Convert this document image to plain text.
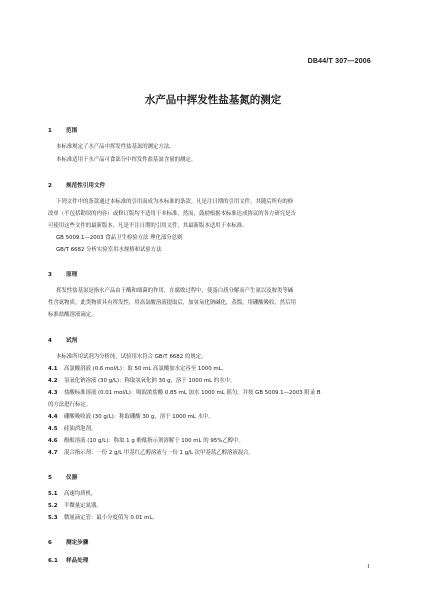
DB44/T 307—2006
水产品中挥发性盐基氮的测定
1	范围
本标准规定了水产品中挥发性盐基氮的测定方法。
本标准适用于水产品可食部分中挥发性盐基氮含量的测定。
2	规范性引用文件
下列文件中的条款通过本标准的引用而成为本标准的条款。凡是注日期的引用文件，其随后所有的修
改单（不包括勘误的内容）或修订版均不适用于本标准，然而，鼓励根据本标准达成协议的各方研究是否
可使用这些文件的最新版本。凡是不注日期的引用文件，其最新版本适用于本标准。
GB 5009.1—2003 食品卫生检验方法 理化部分总则
GB/T 6682 分析实验室用水规格和试验方法
3	原理
挥发性盐基氮是指水产品由于酶和细菌的作用，在腐败过程中，使蛋白质分解而产生氨以及胺类等碱
性含氮物质。此类物质具有挥发性，用高氯酸溶液提取后，加氢氧化钠碱化，蒸馏，用硼酸吸收，然后用
标准盐酸溶液滴定。
4	试剂
本标准所用试剂为分析纯，试验用水符合 GB/T 6682 的规定。
4.1 高氯酸溶液 (0.6 mol/L)：取 50 mL 高氯酸加水定容至 1000 mL。
4.2 氢氧化钠溶液 (30 g/L)：称取氢氧化钠 30 g，溶于 1000 mL 的水中。
4.3 盐酸标准溶液 (0.01 mol/L)：吸取浓盐酸 0.85 mL 加水 1000 mL 摇匀。并按 GB 5009.1—2003 附录 B
的方法进行标定。
4.4 硼酸吸收液 (30 g/L)：称取硼酸 30 g，溶于 1000 mL 水中。
4.5 硅油消泡剂。
4.6 酚酞溶液 (10 g/L)：称取 1 g 酚酞指示剂溶解于 100 mL 的 95%乙醇中。
4.7 混合指示剂：一份 2 g/L 甲基红乙醇溶液与一份 1 g/L 次甲基蓝乙醇溶液混合。
5	仪器
5.1 高速均质机。
5.2 半微量定氮器。
5.3 微量滴定管：最小分度值为 0.01 mL。
6	测定步骤
6.1 样品处理
1
